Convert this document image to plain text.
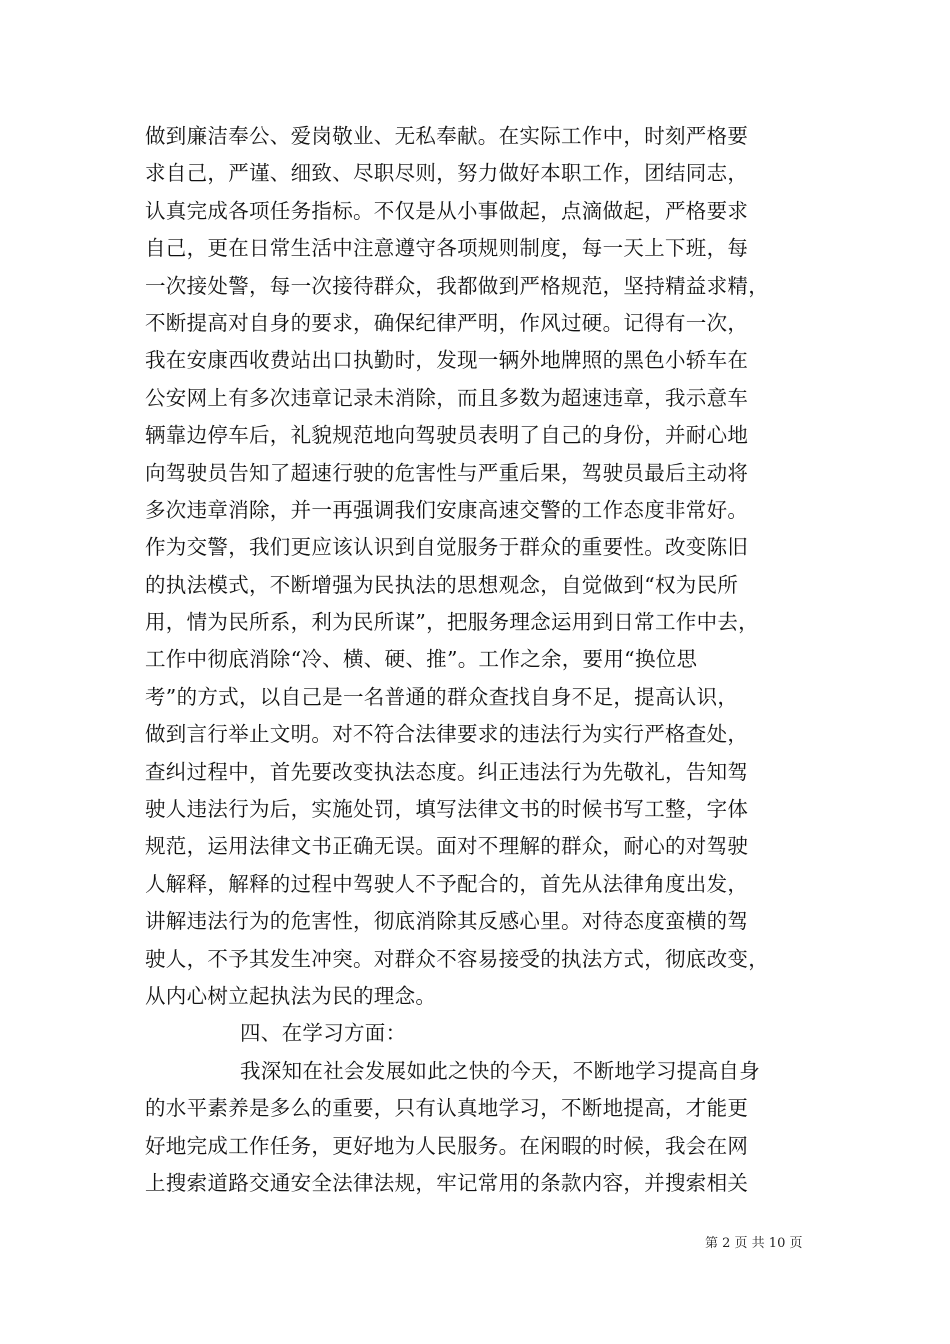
做到廉洁奉公、爱岗敬业、无私奉献。在实际工作中，时刻严格要
求自己，严谨、细致、尽职尽则，努力做好本职工作，团结同志，
认真完成各项任务指标。不仅是从小事做起，点滴做起，严格要求
自己，更在日常生活中注意遵守各项规则制度，每一天上下班，每
一次接处警，每一次接待群众，我都做到严格规范，坚持精益求精，
不断提高对自身的要求，确保纪律严明，作风过硬。记得有一次，
我在安康西收费站出口执勤时，发现一辆外地牌照的黑色小轿车在
公安网上有多次违章记录未消除，而且多数为超速违章，我示意车
辆靠边停车后，礼貌规范地向驾驶员表明了自己的身份，并耐心地
向驾驶员告知了超速行驶的危害性与严重后果，驾驶员最后主动将
多次违章消除，并一再强调我们安康高速交警的工作态度非常好。
作为交警，我们更应该认识到自觉服务于群众的重要性。改变陈旧
的执法模式，不断增强为民执法的思想观念，自觉做到“权为民所
用，情为民所系，利为民所谋”，把服务理念运用到日常工作中去，
工作中彻底消除“冷、横、硬、推”。工作之余，要用“换位思
考”的方式，以自己是一名普通的群众查找自身不足，提高认识，
做到言行举止文明。对不符合法律要求的违法行为实行严格查处，
查纠过程中，首先要改变执法态度。纠正违法行为先敬礼，告知驾
驶人违法行为后，实施处罚，填写法律文书的时候书写工整，字体
规范，运用法律文书正确无误。面对不理解的群众，耐心的对驾驶
人解释，解释的过程中驾驶人不予配合的，首先从法律角度出发，
讲解违法行为的危害性，彻底消除其反感心里。对待态度蛮横的驾
驶人，不予其发生冲突。对群众不容易接受的执法方式，彻底改变，
从内心树立起执法为民的理念。
四、在学习方面：
我深知在社会发展如此之快的今天，不断地学习提高自身
的水平素养是多么的重要，只有认真地学习，不断地提高，才能更
好地完成工作任务，更好地为人民服务。在闲暇的时候，我会在网
上搜索道路交通安全法律法规，牢记常用的条款内容，并搜索相关
第 2 页 共 10 页
